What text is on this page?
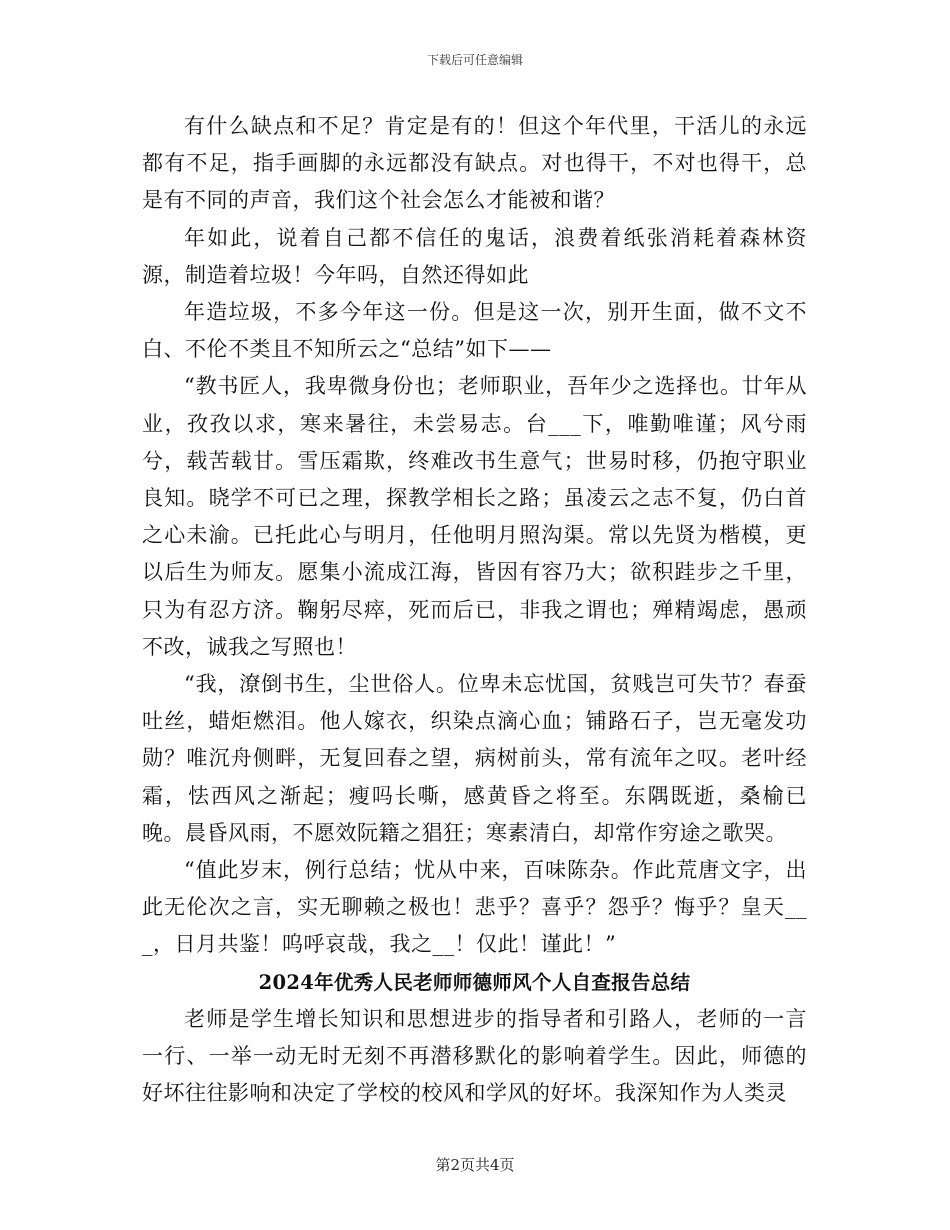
下载后可任意编辑

有什么缺点和不足？肯定是有的！但这个年代里，干活儿的永远都有不足，指手画脚的永远都没有缺点。对也得干，不对也得干，总是有不同的声音，我们这个社会怎么才能被和谐？

年如此，说着自己都不信任的鬼话，浪费着纸张消耗着森林资源，制造着垃圾！今年吗，自然还得如此

年造垃圾，不多今年这一份。但是这一次，别开生面，做不文不白、不伦不类且不知所云之“总结”如下——

“教书匠人，我卑微身份也；老师职业，吾年少之选择也。廿年从业，孜孜以求，寒来暑往，未尝易志。台___下，唯勤唯谨；风兮雨兮，载苦载甘。雪压霜欺，终难改书生意气；世易时移，仍抱守职业良知。晓学不可已之理，探教学相长之路；虽凌云之志不复，仍白首之心未渝。已托此心与明月，任他明月照沟渠。常以先贤为楷模，更以后生为师友。愿集小流成江海，皆因有容乃大；欲积跬步之千里，只为有忍方济。鞠躬尽瘁，死而后已，非我之谓也；殚精竭虑，愚顽不改，诚我之写照也！

“我，潦倒书生，尘世俗人。位卑未忘忧国，贫贱岂可失节？春蚕吐丝，蜡炬燃泪。他人嫁衣，织染点滴心血；铺路石子，岂无毫发功勋？唯沉舟侧畔，无复回春之望，病树前头，常有流年之叹。老叶经霜，怯西风之渐起；瘦吗长嘶，感黄昏之将至。东隅既逝，桑榆已晚。晨昏风雨，不愿效阮籍之猖狂；寒素清白，却常作穷途之歌哭。

“值此岁末，例行总结；忧从中来，百味陈杂。作此荒唐文字，出此无伦次之言，实无聊赖之极也！悲乎？喜乎？怨乎？悔乎？皇天___，日月共鉴！呜呼哀哉，我之__！仅此！谨此！”

2024年优秀人民老师师德师风个人自查报告总结

老师是学生增长知识和思想进步的指导者和引路人，老师的一言一行、一举一动无时无刻不再潜移默化的影响着学生。因此，师德的好坏往往影响和决定了学校的校风和学风的好坏。我深知作为人类灵

第2页共4页
